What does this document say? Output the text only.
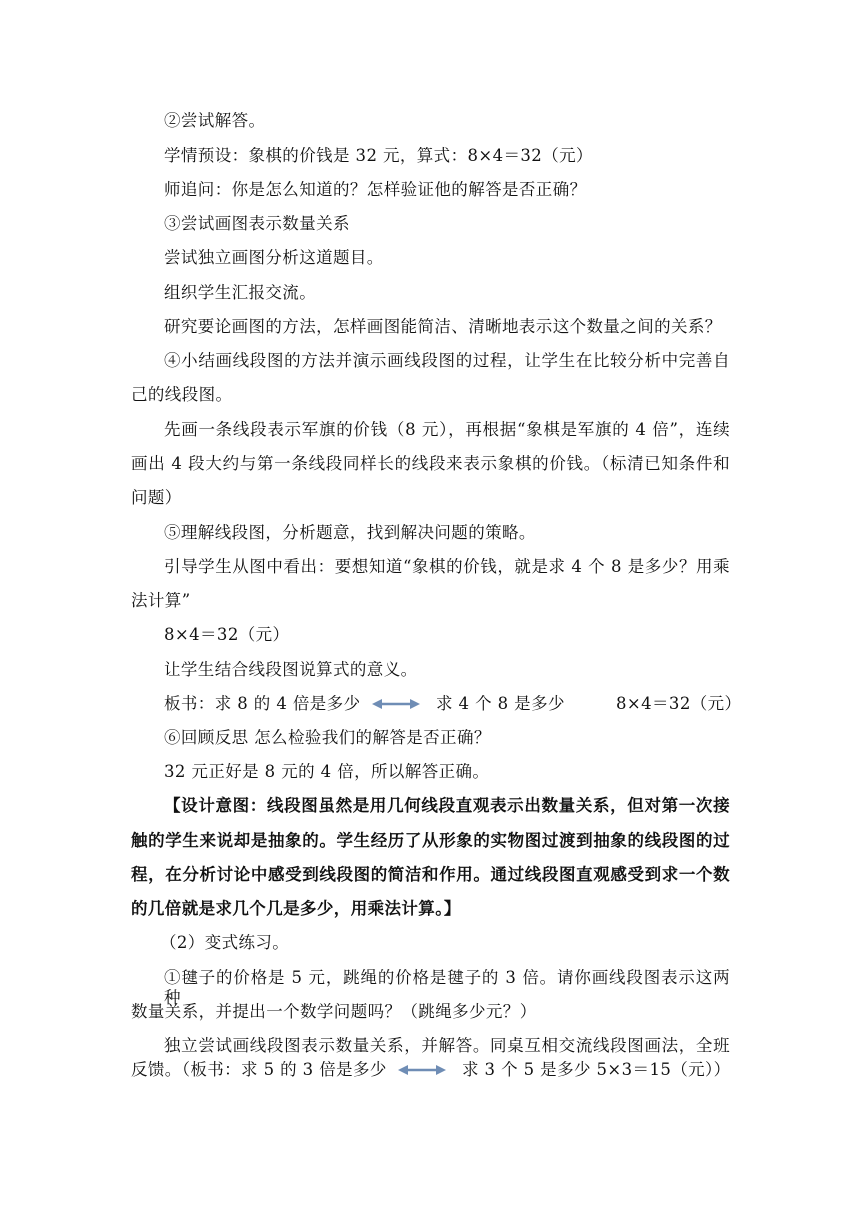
②尝试解答。
学情预设：象棋的价钱是 32 元，算式：8×4＝32（元）
师追问：你是怎么知道的？怎样验证他的解答是否正确？
③尝试画图表示数量关系
尝试独立画图分析这道题目。
组织学生汇报交流。
研究要论画图的方法，怎样画图能简洁、清晰地表示这个数量之间的关系？
④小结画线段图的方法并演示画线段图的过程，让学生在比较分析中完善自
己的线段图。
先画一条线段表示军旗的价钱（8 元），再根据“象棋是军旗的 4 倍”，连续
画出 4 段大约与第一条线段同样长的线段来表示象棋的价钱。（标清已知条件和
问题）
⑤理解线段图，分析题意，找到解决问题的策略。
引导学生从图中看出：要想知道“象棋的价钱，就是求 4 个 8 是多少？用乘
法计算”
8×4＝32（元）
让学生结合线段图说算式的意义。
板书：求 8 的 4 倍是多少	求 4 个 8 是多少	8×4＝32（元）
⑥回顾反思 怎么检验我们的解答是否正确？
32 元正好是 8 元的 4 倍，所以解答正确。
【设计意图：线段图虽然是用几何线段直观表示出数量关系，但对第一次接
触的学生来说却是抽象的。学生经历了从形象的实物图过渡到抽象的线段图的过
程，在分析讨论中感受到线段图的简洁和作用。通过线段图直观感受到求一个数
的几倍就是求几个几是多少，用乘法计算。】
（2）变式练习。
①毽子的价格是 5 元，跳绳的价格是毽子的 3 倍。请你画线段图表示这两种
数量关系，并提出一个数学问题吗？（跳绳多少元？）
独立尝试画线段图表示数量关系，并解答。同桌互相交流线段图画法，全班
反馈。（板书：求 5 的 3 倍是多少	求 3 个 5 是多少 5×3＝15（元））
